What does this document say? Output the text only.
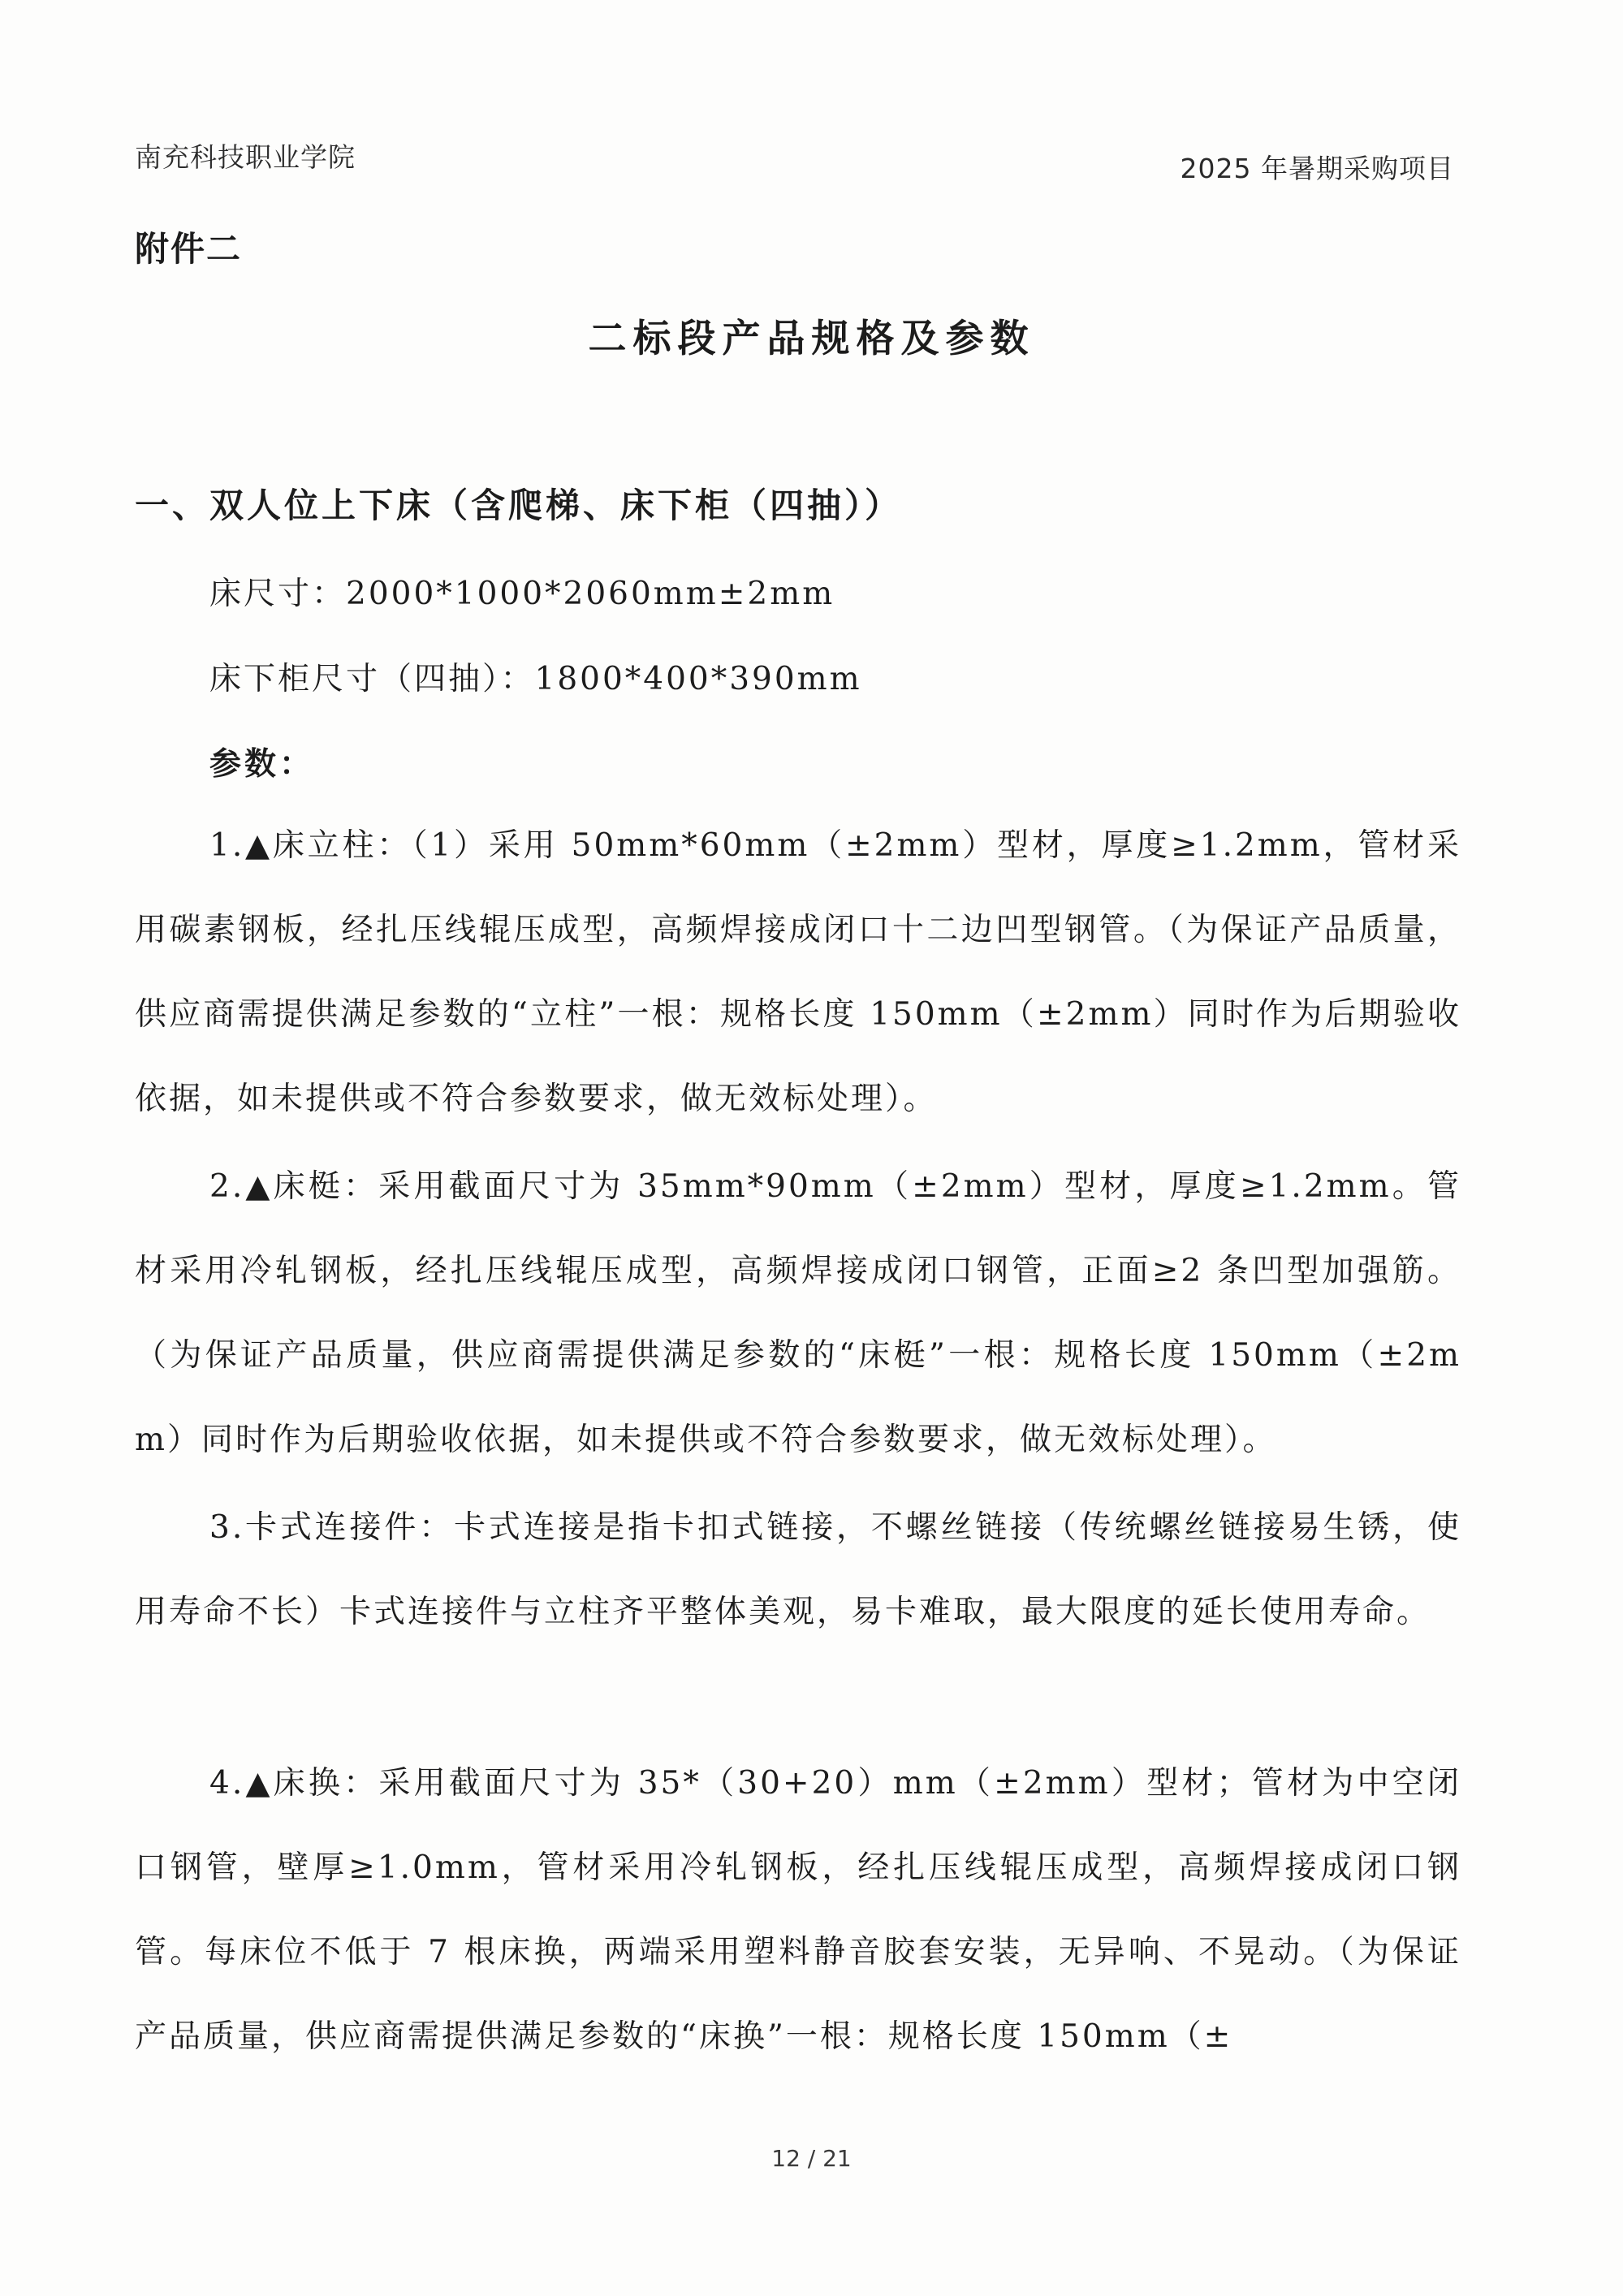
南充科技职业学院	2025 年暑期采购项目
附件二
二标段产品规格及参数
一、双人位上下床（含爬梯、床下柜（四抽））
床尺寸：2000*1000*2060mm±2mm
床下柜尺寸（四抽）：1800*400*390mm
参数：

1.▲床立柱：（1）采用 50mm*60mm（±2mm）型材，厚度≥1.2mm，管材采用碳素钢板，经扎压线辊压成型，高频焊接成闭口十二边凹型钢管。（为保证产品质量，供应商需提供满足参数的“立柱”一根：规格长度 150mm（±2mm）同时作为后期验收依据，如未提供或不符合参数要求，做无效标处理）。

2.▲床梃：采用截面尺寸为 35mm*90mm（±2mm）型材，厚度≥1.2mm。管材采用冷轧钢板，经扎压线辊压成型，高频焊接成闭口钢管，正面≥2 条凹型加强筋。（为保证产品质量，供应商需提供满足参数的“床梃”一根：规格长度 150mm（±2mm）同时作为后期验收依据，如未提供或不符合参数要求，做无效标处理）。

3.卡式连接件：卡式连接是指卡扣式链接，不螺丝链接（传统螺丝链接易生锈，使用寿命不长）卡式连接件与立柱齐平整体美观，易卡难取，最大限度的延长使用寿命。

4.▲床换：采用截面尺寸为 35*（30+20）mm（±2mm）型材；管材为中空闭口钢管，壁厚≥1.0mm，管材采用冷轧钢板，经扎压线辊压成型，高频焊接成闭口钢管。每床位不低于 7 根床换，两端采用塑料静音胶套安装，无异响、不晃动。（为保证产品质量，供应商需提供满足参数的“床换”一根：规格长度 150mm（±

12 / 21
